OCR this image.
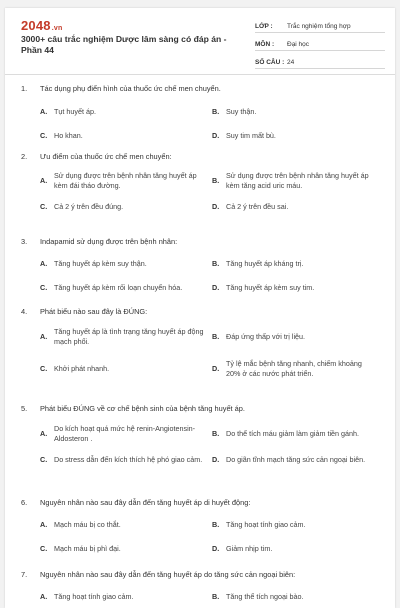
2048.vn
3000+ câu trắc nghiệm Dược lâm sàng có đáp án - Phần 44
LỚP :	Trắc nghiệm tổng hợp
MÔN :	Đại học
SỐ CÂU : 24
1.	Tác dụng phụ điển hình của thuốc ức chế men chuyển.
A. Tụt huyết áp.	B. Suy thận.
C. Ho khan.	D. Suy tim mất bù.
2.	Ưu điểm của thuốc ức chế men chuyển:
A.
Sử dụng được trên bệnh nhân tăng huyết áp kèm đái tháo đường.
B.
Sử dụng được trên bệnh nhân tăng huyết áp kèm tăng acid uric máu.
C. Cả 2 ý trên đều đúng.	D. Cả 2 ý trên đều sai.
3.	Indapamid sử dụng được trên bệnh nhân:
A. Tăng huyết áp kèm suy thận.	B. Tăng huyết áp kháng trị.
C. Tăng huyết áp kèm rối loạn chuyển hóa.	D. Tăng huyết áp kèm suy tim.
4.	Phát biểu nào sau đây là ĐÚNG:
A.
Tăng huyết áp là tình trạng tăng huyết áp động mạch phổi.
B. Đáp ứng thấp với trị liệu.
C. Khởi phát nhanh.	D.
Tỷ lệ mắc bệnh tăng nhanh, chiếm khoảng 20% ở các nước phát triển.
5.	Phát biểu ĐÚNG về cơ chế bệnh sinh của bệnh tăng huyết áp.
A.
Do kích hoạt quá mức hệ renin-Angiotensin-Aldosteron .
B. Do thể tích máu giảm làm giảm tiền gánh.
C. Do stress dẫn đến kích thích hệ phó giao cảm.	D. Do giãn tĩnh mạch tăng sức cản ngoại biên.
6.	Nguyên nhân nào sau đây dẫn đến tăng huyết áp di huyết động:
A. Mạch máu bị co thắt.	B. Tăng hoạt tính giao cảm.
C. Mạch máu bị phì đại.	D. Giảm nhịp tim.
7.	Nguyên nhân nào sau đây dẫn đến tăng huyết áp do tăng sức cản ngoại biên:
A. Tăng hoạt tính giao cảm.	B. Tăng thể tích ngoại bào.
